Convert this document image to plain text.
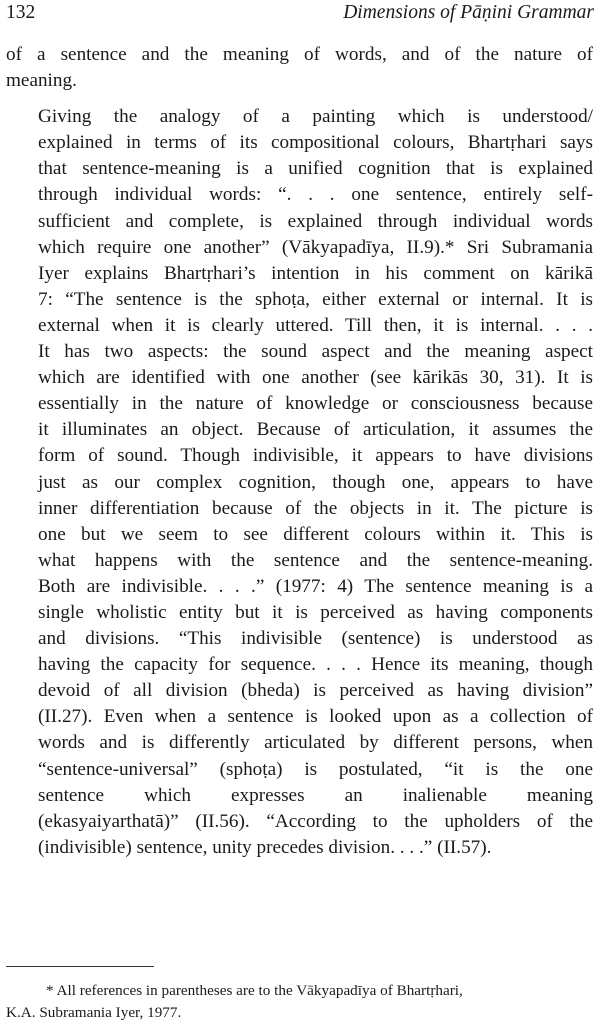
132	Dimensions of Pāṇini Grammar

of a sentence and the meaning of words, and of the nature of
meaning.

Giving the analogy of a painting which is understood/
explained in terms of its compositional colours, Bhartṛhari says
that sentence-meaning is a unified cognition that is explained
through individual words: “. . . one sentence, entirely self-
sufficient and complete, is explained through individual words
which require one another” (Vākyapadīya, II.9).* Sri Subramania
Iyer explains Bhartṛhari’s intention in his comment on kārikā
7: “The sentence is the sphoṭa, either external or internal. It is
external when it is clearly uttered. Till then, it is internal. . . .
It has two aspects: the sound aspect and the meaning aspect
which are identified with one another (see kārikās 30, 31). It is
essentially in the nature of knowledge or consciousness because
it illuminates an object. Because of articulation, it assumes the
form of sound. Though indivisible, it appears to have divisions
just as our complex cognition, though one, appears to have
inner differentiation because of the objects in it. The picture is
one but we seem to see different colours within it. This is
what happens with the sentence and the sentence-meaning.
Both are indivisible. . . .” (1977: 4) The sentence meaning is a
single wholistic entity but it is perceived as having components
and divisions. “This indivisible (sentence) is understood as
having the capacity for sequence. . . . Hence its meaning, though
devoid of all division (bheda) is perceived as having division”
(II.27). Even when a sentence is looked upon as a collection of
words and is differently articulated by different persons, when
“sentence-universal” (sphoṭa) is postulated, “it is the one
sentence which expresses an inalienable meaning
(ekasyaiyarthatā)” (II.56). “According to the upholders of the
(indivisible) sentence, unity precedes division. . . .” (II.57).

* All references in parentheses are to the Vākyapadīya of Bhartṛhari,
K.A. Subramania Iyer, 1977.
